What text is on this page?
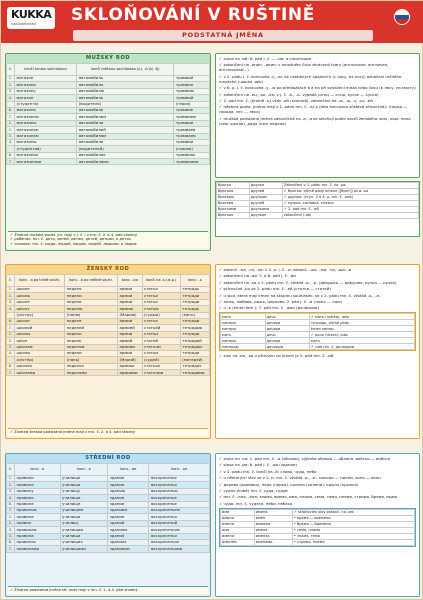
KUKKA
nakladatelství SKLOŇOVÁNÍ V RUŠTINĚ
PODSTATNÁ JMÉNA
MUŽSKÝ ROD
č.	konči tvrdou souhláskou	konči měkkou souhláskou (ь), -й (kl. šj)	
1.	магазин	автомобиль	трамвай
2.	магазина	автомобиля	трамвая
3.	магазину	автомобилю	трамваю
4.	магазин	автомобиль	трамвай
	(студента)	(водителя)	(героя)
6.	магазине	автомобиле	трамвае
7.	магазином	автомобилем	трамваем
1.	магазины	автомобили	трамваи
2.	магазинов	автомобилей	трамваев
3.	магазинам	автомобилям	трамваям
4.	магазины	автомобили	трамваи
	(студентов)	(водителей)	(героев)
6.	магазинах	автомобилях	трамваях
7.	магазинами	автомобилями	трамваями
✓ Životná mužská podst. jm. mají v j. č. i v mn. č. 2. a 4. pád shodný
✓ ребёнок: mn. č. дети, детей, детям, детей, детьми, о детях
✓ человек: mn. č. люди, людей, людям, людей, людьми, о людях

✓ slova na -ий: 6. pád j. č. — -ии: о санатории

✓ zakončení na -анин, -янин: v množném čísle zkrácené tvary (англичане, англичан, англичанам...)

✓ v 2. pádu j. č. koncovka -у, -ю: ve ustálených spojeních (с часу, из носу) označení určitého množství (чашка чаю)

✓ v 6. p. j. č. koncovka -у, -ю po předložkách в a на při označení místa nebo času (в лесу, на мосту)

✓ zakončení na -ец, -ок, -ек: v j. č. -е-, -о- vypadá (отец — отца, кусок — куска)

✓ 2. pád mn. č. (kromě -ц) vždy -ей (ключей), zakončení na -ж, -ш, -ч, -щ: -ей

✓ některá podst. jména mají v 1. pádu mn. č. -а/-я (tato koncovka zůstává přízvučná): (город — города, лес — леса)

✓ mužská podstatná jména zakončená na -а, -я se skloňují podle vzorů ženského rodu, např. папа (vzor школа), дядя (vzor неделя)

братья	друзья	Zakončení v 1. pádu mn. č. na -ья:
братьев	друзей	✓ братья: přímé pády kmene ([брат]) plus -ья
братьям	друзьям	✓ друзья: (стул, 2 a 4. p. mn. č. -ьев)
братьев	друзей	✓ мужья, сыновья, князья
братьями	друзьями	✓ 2. pád mn. č. -ей
братьях	друзьях	zakončení (-ов)
ŽENSKÝ ROD
č.	konc. -a po tvrdé souhl.	konc. -я po měkké souhl.	konc. -ия	končí na -ь (ж.р.)	konc. -ь
1.	школа	неделя	армия	статья	тетрадь
2.	школы	недели	армии	статьи	тетради
3.	школе	неделе	армии	статье	тетради
4.	школу	неделю	армию	статью	тетрадь
	(сестру)	(няню)	(Марию)	(судью)	(мать)
6.	школе	неделе	армии	статье	тетради
7.	школой	неделей	армией	статьёй	тетрадью
1.	школы	недели	армии	статьи	тетради
2.	школ	недель	армий	статей	тетрадей
3.	школам	неделям	армиям	статьям	тетрадям
4.	школы	недели	армии	статьи	тетради
	(сестёр)	(нянь)	(Марий)	(судей)	(матерей)
6.	школах	неделях	армиях	статьях	тетрадях
7.	школами	неделями	армиями	статьями	тетрадями
✓ Životná ženská podstatná jména mají v mn. č. 2. a 4. pád shodný

✓ zakonč. -ка, -га, -ха: v 2. p. j. č. -и; zakonč. -ша, -жа, -ча, -ща: -и

✓ zakončení na -ия: 3. a 6. pád j. č. -ии

✓ zakončení na -ка v 2. pádu mn. č. vkládá -о-, -е- (девушка — девушек, ручка — ручек)

✓ přízvučné -ья ve 2. pádu mn. č. -ей (статья — статей)

✓ u slov, která mají kmen na skupinu souhlásek, se v 2. pádu mn. č. vkládá -о-, -е-

✓ ложь, любовь, рожь, церковь: 2. pád j. č. -и (ложь — лжи)

✓ u -ь (kmen fem.): 7. pád mn. č. -ями (дочерьми)

мать	дочь	✓ мать (matka): jako
матери	дочери	тетрадь, přímé pády
матери	дочери	kmen матер-
мать	дочь	✓ дочь (dcera): jako
матери	дочери	мать
матерью	дочерью	7. pád mn. č. дочерьми

✓ slov na -ия, -ья v přízvuku na kmeni je 2. pád mn. č. -ий

STŘEDNÍ ROD
č.	konc. -о	konc. -е	konc. -ие	konc. -ье
1.	правило	училище	здание	воскресенье
2.	правила	училища	здания	воскресенья
3.	правилу	училищу	зданию	воскресенью
4.	правило	училище	здание	воскресенье
6.	правиле	училище	здании	воскресенье
7.	правилом	училищем	зданием	воскресеньем
1.	правила	училища	здания	воскресенья
2.	правил	училищ	зданий	воскресений
3.	правилам	училищам	зданиям	воскресеньям
4.	правила	училища	здания	воскресенья
6.	правилах	училищах	зданиях	воскресеньях
7.	правилами	училищами	зданиями	воскресеньями
✓ Životná podstatná jména stř. rodu mají v mn. č. 2. a 4. pád shodný

✓ slova na -ко: 1. pád mn. č. -и (яблоко), výjimka облако — облака, войско — войска

✓ slova na -ие: 6. pád j. č. -ии (здании)

✓ v 2. pádu mn. č. končí na -й: слово, чудо, небо

✓ u některých slov se v 2. p. mn. č. vkládá -о-, -е-: письмо — писем, окно — окон

✓ дерево (деревья), перо (перья), колено (колени), крыло (крылья)

✓ судно (kubě) mn. č. суда, судов

✓ mн. č. -ена, -ёна: знамя, время, имя, пламя, семя, темя, племя, стремя, бремя, вымя

✓ чудо: mn. č. чудеса, небо: небеса

имя	имена	✓ skloňování slov zakonč. na -мя:
имени	имён	• время — времени
имени	именам	• бремя — бремени
имя	имена	• семя, пламя
имени	именах	• знамя, темя
именем	именами	• стремя, племя
